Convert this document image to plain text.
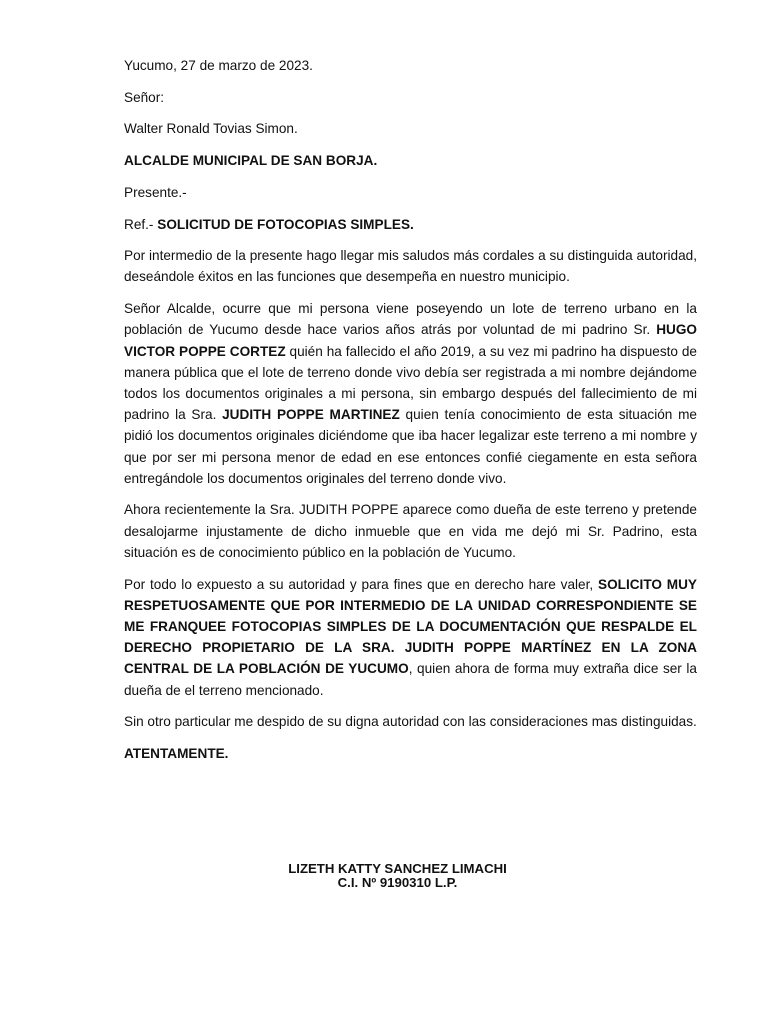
Yucumo, 27 de marzo de 2023.

Señor:

Walter Ronald Tovias Simon.

ALCALDE MUNICIPAL DE SAN BORJA.

Presente.-

Ref.- SOLICITUD DE FOTOCOPIAS SIMPLES.

Por intermedio de la presente hago llegar mis saludos más cordales a su distinguida autoridad, deseándole éxitos en las funciones que desempeña en nuestro municipio.

Señor Alcalde, ocurre que mi persona viene poseyendo un lote de terreno urbano en la población de Yucumo desde hace varios años atrás por voluntad de mi padrino Sr. HUGO VICTOR POPPE CORTEZ quién ha fallecido el año 2019, a su vez mi padrino ha dispuesto de manera pública que el lote de terreno donde vivo debía ser registrada a mi nombre dejándome todos los documentos originales a mi persona, sin embargo después del fallecimiento de mi padrino la Sra. JUDITH POPPE MARTINEZ quien tenía conocimiento de esta situación me pidió los documentos originales diciéndome que iba hacer legalizar este terreno a mi nombre y que por ser mi persona menor de edad en ese entonces confié ciegamente en esta señora entregándole los documentos originales del terreno donde vivo.

Ahora recientemente la Sra. JUDITH POPPE aparece como dueña de este terreno y pretende desalojarme injustamente de dicho inmueble que en vida me dejó mi Sr. Padrino, esta situación es de conocimiento público en la población de Yucumo.

Por todo lo expuesto a su autoridad y para fines que en derecho hare valer, SOLICITO MUY RESPETUOSAMENTE QUE POR INTERMEDIO DE LA UNIDAD CORRESPONDIENTE SE ME FRANQUEE FOTOCOPIAS SIMPLES DE LA DOCUMENTACIÓN QUE RESPALDE EL DERECHO PROPIETARIO DE LA SRA. JUDITH POPPE MARTÍNEZ EN LA ZONA CENTRAL DE LA POBLACIÓN DE YUCUMO, quien ahora de forma muy extraña dice ser la dueña de el terreno mencionado.

Sin otro particular me despido de su digna autoridad con las consideraciones mas distinguidas.

ATENTAMENTE.

LIZETH KATTY SANCHEZ LIMACHI
C.I. Nº 9190310 L.P.
